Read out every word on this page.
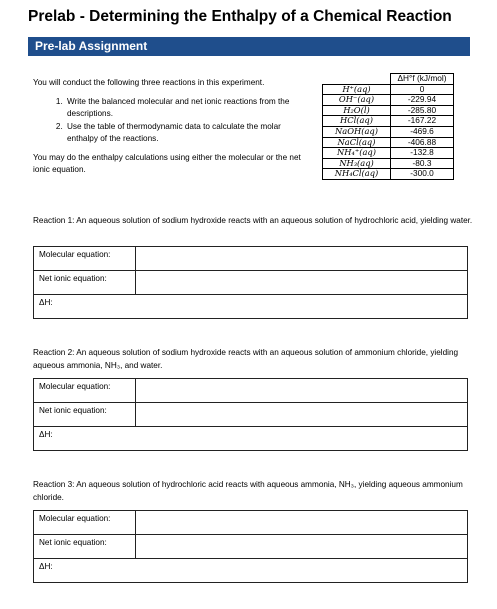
Prelab - Determining the Enthalpy of a Chemical Reaction
Pre-lab Assignment

You will conduct the following three reactions in this experiment.

1. Write the balanced molecular and net ionic reactions from the descriptions.
2. Use the table of thermodynamic data to calculate the molar enthalpy of the reactions.

You may do the enthalpy calculations using either the molecular or the net ionic equation.

	ΔH°f (kJ/mol)
H⁺(aq)	0
OH⁻(aq)	-229.94
H₂O(l)	-285.80
HCl(aq)	-167.22
NaOH(aq)	-469.6
NaCl(aq)	-406.88
NH₄⁺(aq)	-132.8
NH₃(aq)	-80.3
NH₄Cl(aq)	-300.0
Reaction 1: An aqueous solution of sodium hydroxide reacts with an aqueous solution of hydrochloric acid, yielding water.
Molecular equation:	
Net ionic equation:	
ΔH:	
Reaction 2: An aqueous solution of sodium hydroxide reacts with an aqueous solution of ammonium chloride, yielding aqueous ammonia, NH₃, and water.
Molecular equation:	
Net ionic equation:	
ΔH:	
Reaction 3: An aqueous solution of hydrochloric acid reacts with aqueous ammonia, NH₃, yielding aqueous ammonium chloride.
Molecular equation:	
Net ionic equation:	
ΔH:	
